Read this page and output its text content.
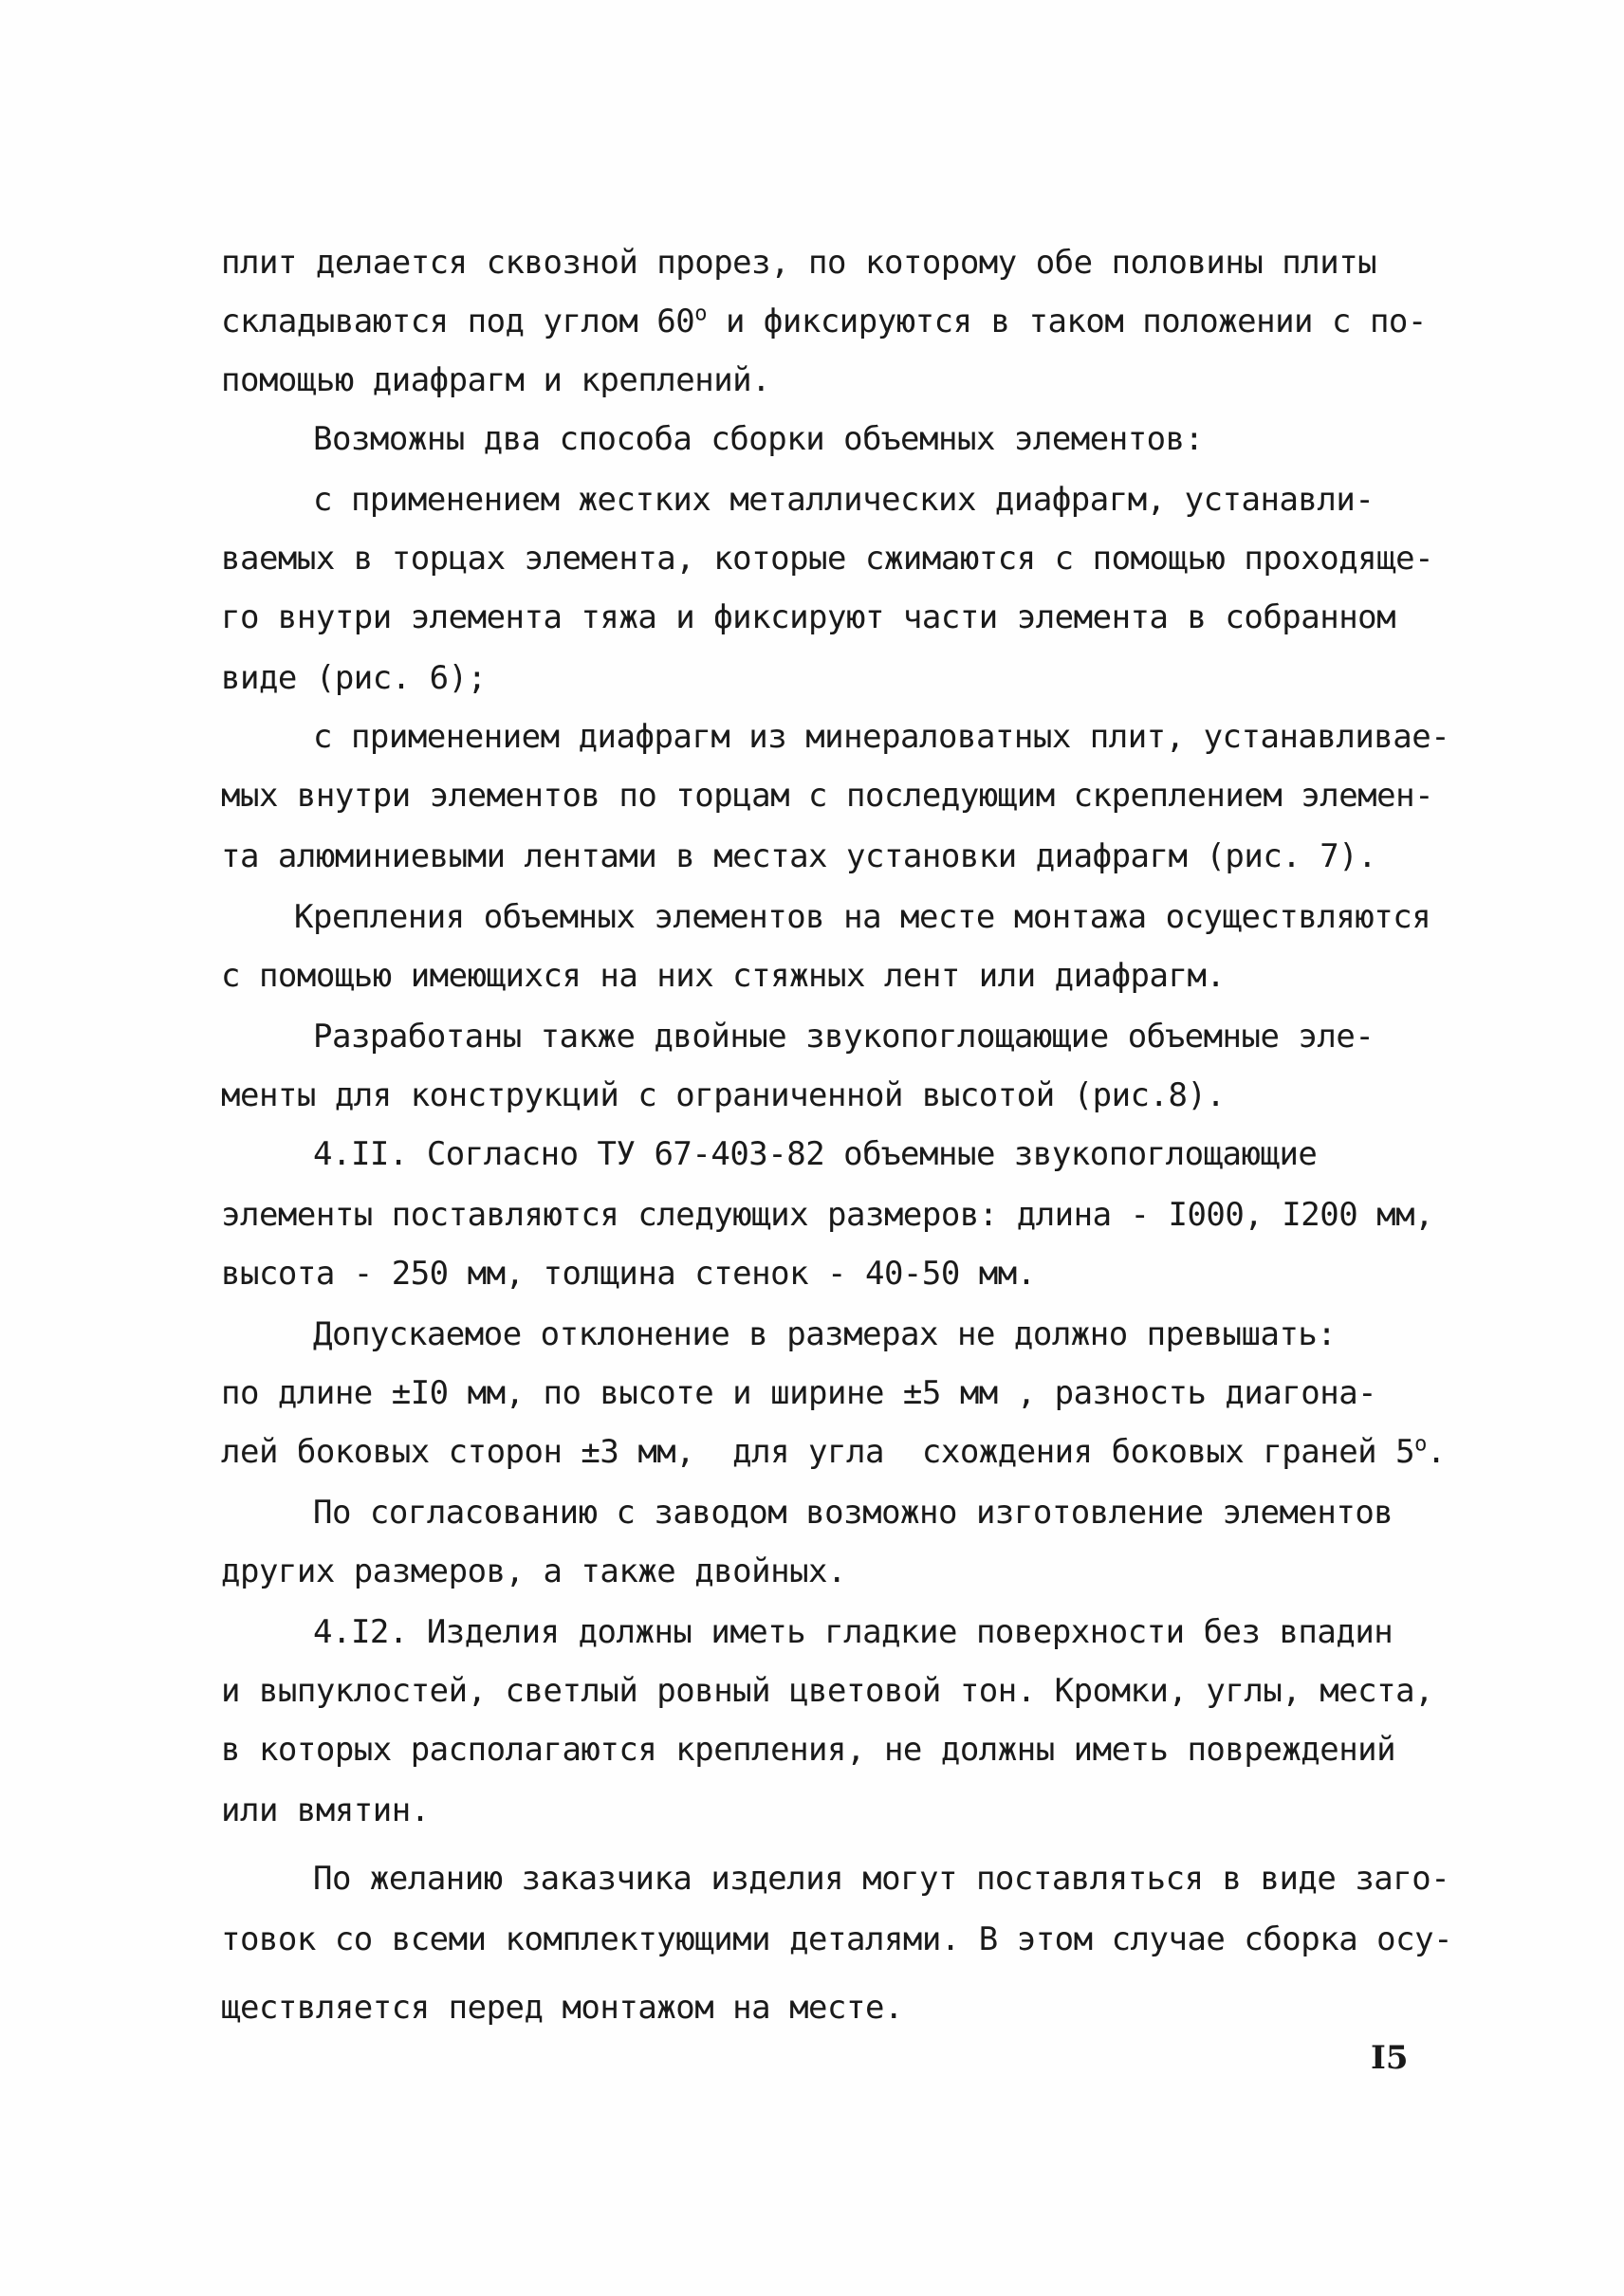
плит делается сквозной прорез, по которому обе половины плиты
складываются под углом $60^о$ и фиксируются в таком положении с по-
помощью диафрагм и креплений.
Возможны два способа сборки объемных элементов:
с применением жестких металлических диафрагм, устанавли-
ваемых в торцах элемента, которые сжимаются с помощью проходяще-
го внутри элемента тяжа и фиксируют части элемента в собранном
виде (рис. 6);
с применением диафрагм из минераловатных плит, устанавливае-
мых внутри элементов по торцам с последующим скреплением элемен-
та алюминиевыми лентами в местах установки диафрагм (рис. 7).
Крепления объемных элементов на месте монтажа осуществляются
с помощью имеющихся на них стяжных лент или диафрагм.
Разработаны также двойные звукопоглощающие объемные эле-
менты для конструкций с ограниченной высотой (рис.8).
4.II. Согласно ТУ 67-403-82 объемные звукопоглощающие
элементы поставляются следующих размеров: длина - I000, I200 мм,
высота - 250 мм, толщина стенок - 40-50 мм.
Допускаемое отклонение в размерах не должно превышать:
по длине ±I0 мм, по высоте и ширине ±5 мм , разность диагона-
лей боковых сторон ±3 мм,  для угла  схождения боковых граней $5^о$.
По согласованию с заводом возможно изготовление элементов
других размеров, а также двойных.
4.I2. Изделия должны иметь гладкие поверхности без впадин
и выпуклостей, светлый ровный цветовой тон. Кромки, углы, места,
в которых располагаются крепления, не должны иметь повреждений
или вмятин.
По желанию заказчика изделия могут поставляться в виде заго-
товок со всеми комплектующими деталями. В этом случае сборка осу-
ществляется перед монтажом на месте.
I5
